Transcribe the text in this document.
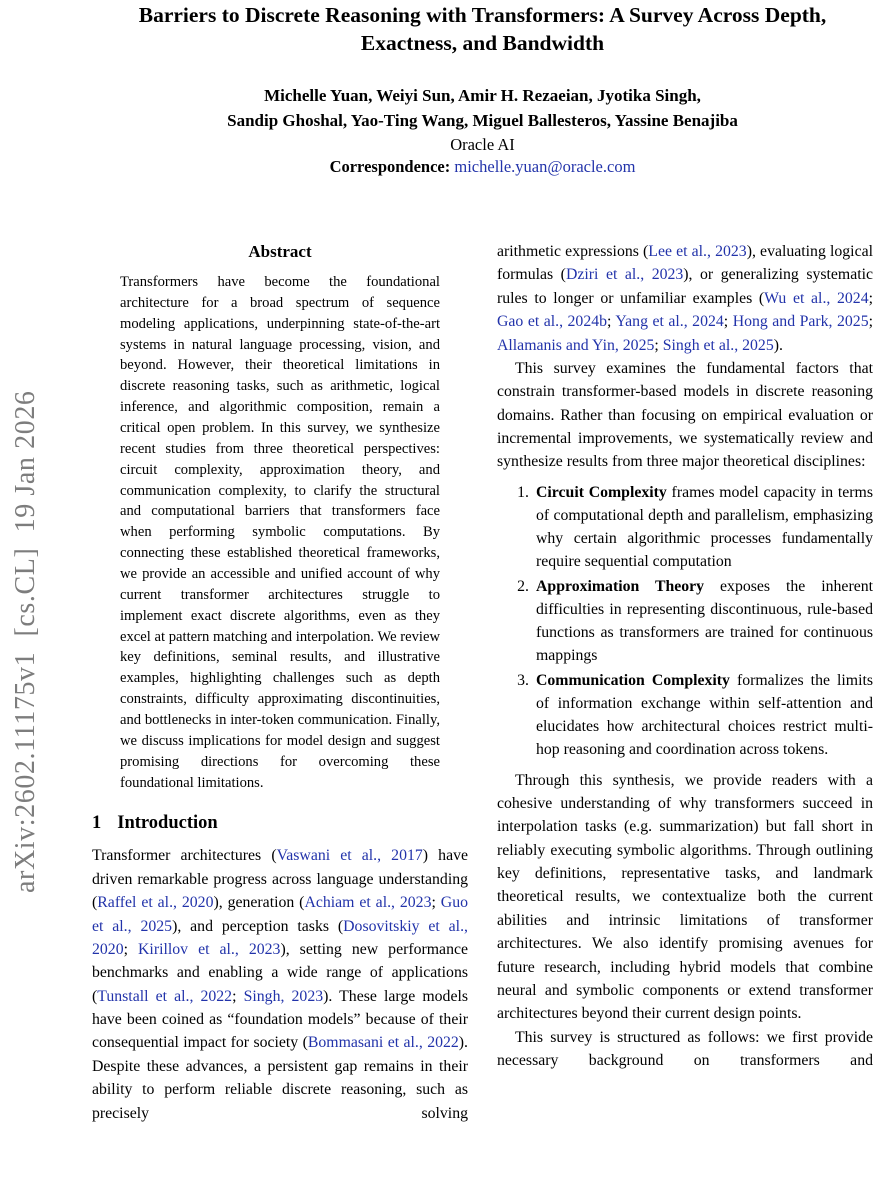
arXiv:2602.11175v1  [cs.CL]  19 Jan 2026
Barriers to Discrete Reasoning with Transformers: A Survey Across Depth, Exactness, and Bandwidth
Michelle Yuan, Weiyi Sun, Amir H. Rezaeian, Jyotika Singh,
Sandip Ghoshal, Yao-Ting Wang, Miguel Ballesteros, Yassine Benajiba
Oracle AI
Correspondence: michelle.yuan@oracle.com
Abstract

Transformers have become the foundational architecture for a broad spectrum of sequence modeling applications, underpinning state-of-the-art systems in natural language processing, vision, and beyond. However, their theoretical limitations in discrete reasoning tasks, such as arithmetic, logical inference, and algorithmic composition, remain a critical open problem. In this survey, we synthesize recent studies from three theoretical perspectives: circuit complexity, approximation theory, and communication complexity, to clarify the structural and computational barriers that transformers face when performing symbolic computations. By connecting these established theoretical frameworks, we provide an accessible and unified account of why current transformer architectures struggle to implement exact discrete algorithms, even as they excel at pattern matching and interpolation. We review key definitions, seminal results, and illustrative examples, highlighting challenges such as depth constraints, difficulty approximating discontinuities, and bottlenecks in inter-token communication. Finally, we discuss implications for model design and suggest promising directions for overcoming these foundational limitations.

1 Introduction

Transformer architectures (Vaswani et al., 2017) have driven remarkable progress across language understanding (Raffel et al., 2020), generation (Achiam et al., 2023; Guo et al., 2025), and perception tasks (Dosovitskiy et al., 2020; Kirillov et al., 2023), setting new performance benchmarks and enabling a wide range of applications (Tunstall et al., 2022; Singh, 2023). These large models have been coined as “foundation models” because of their consequential impact for society (Bommasani et al., 2022). Despite these advances, a persistent gap remains in their ability to perform reliable discrete reasoning, such as precisely solving

arithmetic expressions (Lee et al., 2023), evaluating logical formulas (Dziri et al., 2023), or generalizing systematic rules to longer or unfamiliar examples (Wu et al., 2024; Gao et al., 2024b; Yang et al., 2024; Hong and Park, 2025; Allamanis and Yin, 2025; Singh et al., 2025).

This survey examines the fundamental factors that constrain transformer-based models in discrete reasoning domains. Rather than focusing on empirical evaluation or incremental improvements, we systematically review and synthesize results from three major theoretical disciplines:

1. Circuit Complexity frames model capacity in terms of computational depth and parallelism, emphasizing why certain algorithmic processes fundamentally require sequential computation
2. Approximation Theory exposes the inherent difficulties in representing discontinuous, rule-based functions as transformers are trained for continuous mappings
3. Communication Complexity formalizes the limits of information exchange within self-attention and elucidates how architectural choices restrict multi-hop reasoning and coordination across tokens.

Through this synthesis, we provide readers with a cohesive understanding of why transformers succeed in interpolation tasks (e.g. summarization) but fall short in reliably executing symbolic algorithms. Through outlining key definitions, representative tasks, and landmark theoretical results, we contextualize both the current abilities and intrinsic limitations of transformer architectures. We also identify promising avenues for future research, including hybrid models that combine neural and symbolic components or extend transformer architectures beyond their current design points.

This survey is structured as follows: we first provide necessary background on transformers and
